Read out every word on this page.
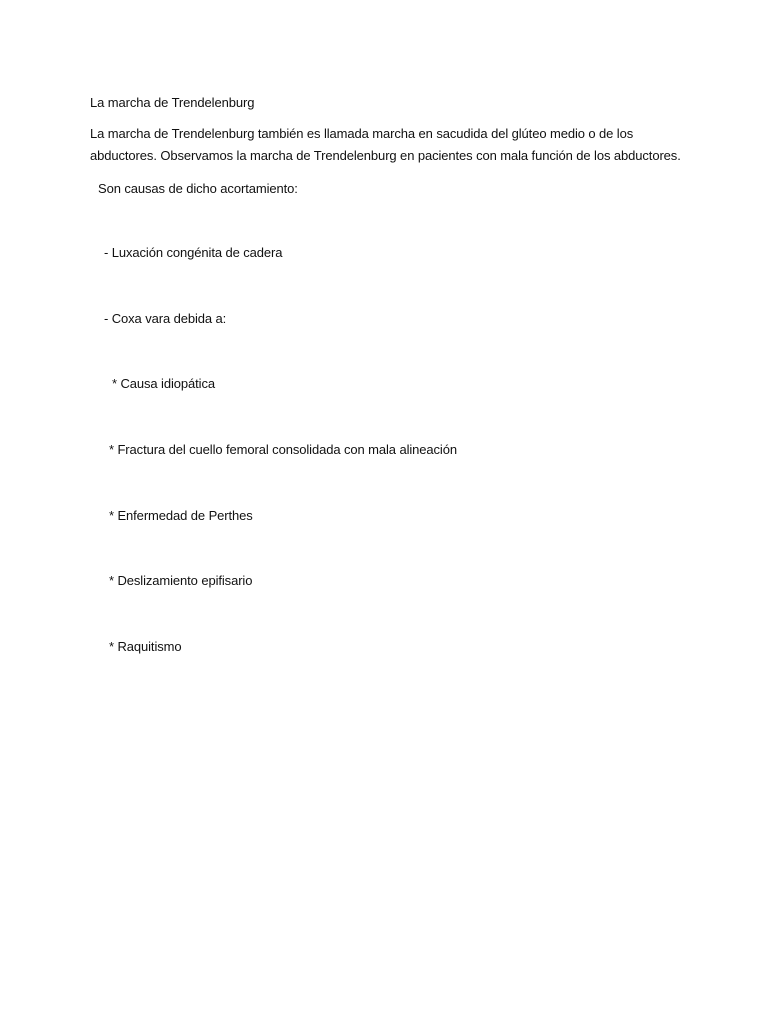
La marcha de Trendelenburg
La marcha de Trendelenburg también es llamada marcha en sacudida del glúteo medio o de los abductores. Observamos la marcha de Trendelenburg en pacientes con mala función de los abductores.
Son causas de dicho acortamiento:
- Luxación congénita de cadera
- Coxa vara debida a:
* Causa idiopática
* Fractura del cuello femoral consolidada con mala alineación
* Enfermedad de Perthes
* Deslizamiento epifisario
* Raquitismo
